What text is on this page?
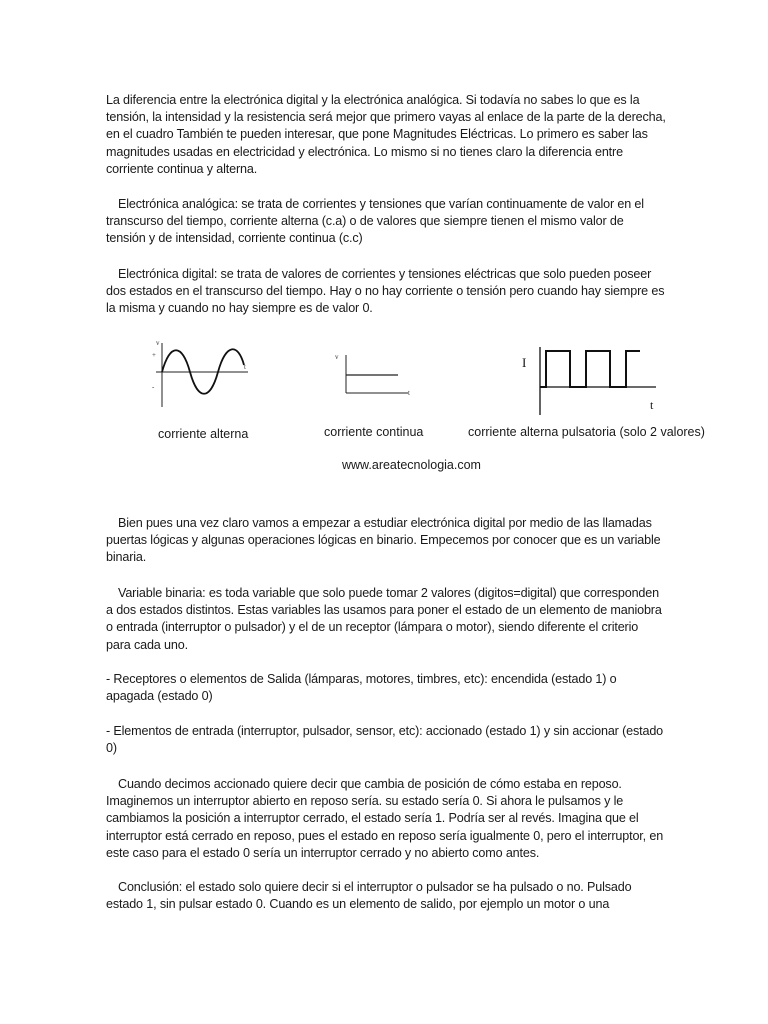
La diferencia entre la electrónica digital y la electrónica analógica. Si todavía no sabes lo que es la tensión, la intensidad y la resistencia será mejor que primero vayas al enlace de la parte de la derecha, en el cuadro También te pueden interesar, que pone Magnitudes Eléctricas. Lo primero es saber las magnitudes usadas en electricidad y electrónica. Lo mismo si no tienes claro la diferencia entre corriente continua y alterna.

Electrónica analógica: se trata de corrientes y tensiones que varían continuamente de valor en el transcurso del tiempo, corriente alterna (c.a) o de valores que siempre tienen el mismo valor de tensión y de intensidad, corriente continua (c.c)

Electrónica digital: se trata de valores de corrientes y tensiones eléctricas que solo pueden poseer dos estados en el transcurso del tiempo. Hay o no hay corriente o tensión pero cuando hay siempre es la misma y cuando no hay siempre es de valor 0.

v
t
+
-
v
t
I
t
corriente alterna	corriente continua	corriente alterna pulsatoria (solo 2 valores)
www.areatecnologia.com

Bien pues una vez claro vamos a empezar a estudiar electrónica digital por medio de las llamadas puertas lógicas y algunas operaciones lógicas en binario. Empecemos por conocer que es un variable binaria.

Variable binaria: es toda variable que solo puede tomar 2 valores (digitos=digital) que corresponden a dos estados distintos. Estas variables las usamos para poner el estado de un elemento de maniobra o entrada (interruptor o pulsador) y el de un receptor (lámpara o motor), siendo diferente el criterio para cada uno.

- Receptores o elementos de Salida (lámparas, motores, timbres, etc): encendida (estado 1) o apagada (estado 0)

- Elementos de entrada (interruptor, pulsador, sensor, etc): accionado (estado 1) y sin accionar (estado 0)

Cuando decimos accionado quiere decir que cambia de posición de cómo estaba en reposo. Imaginemos un interruptor abierto en reposo sería. su estado sería 0. Si ahora le pulsamos y le cambiamos la posición a interruptor cerrado, el estado sería 1. Podría ser al revés. Imagina que el interruptor está cerrado en reposo, pues el estado en reposo sería igualmente 0, pero el interruptor, en este caso para el estado 0 sería un interruptor cerrado y no abierto como antes.

Conclusión: el estado solo quiere decir si el interruptor o pulsador se ha pulsado o no. Pulsado estado 1, sin pulsar estado 0. Cuando es un elemento de salido, por ejemplo un motor o una
